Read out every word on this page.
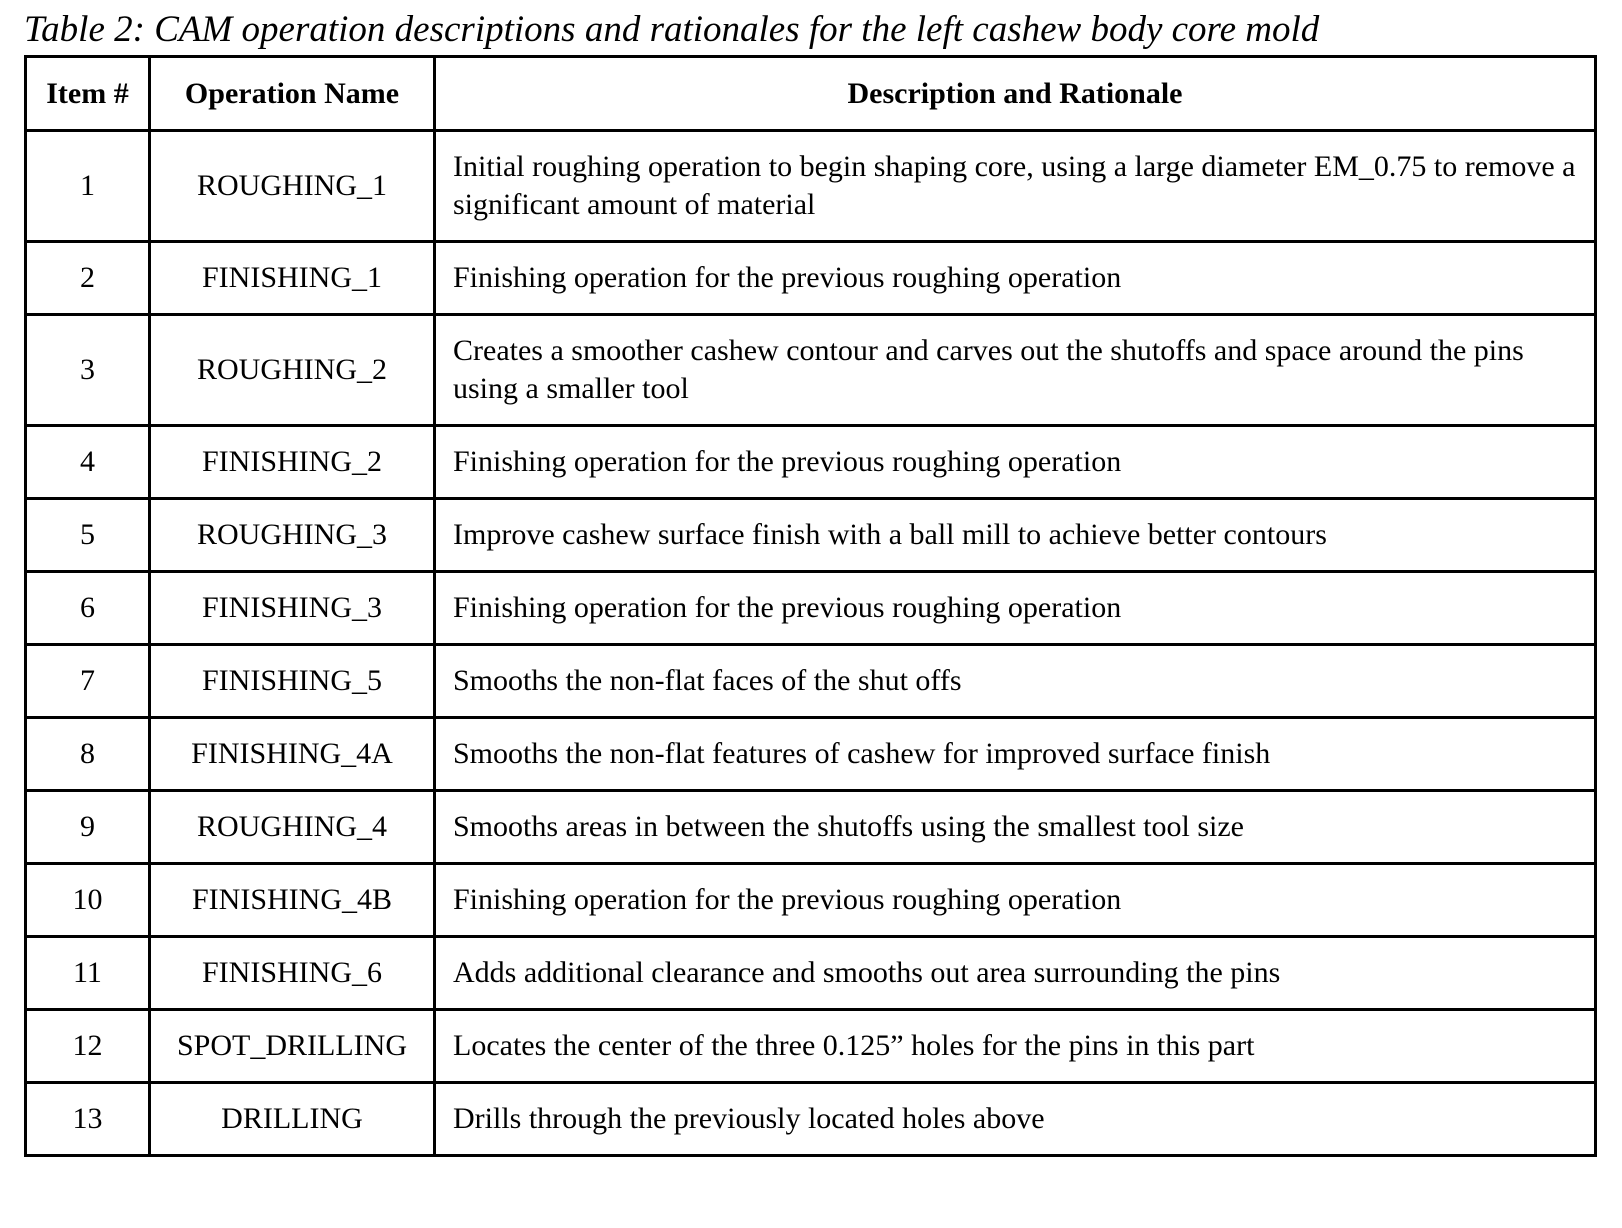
Table 2: CAM operation descriptions and rationales for the left cashew body core mold
Item #	Operation Name	Description and Rationale
1	ROUGHING_1	Initial roughing operation to begin shaping core, using a large diameter EM_0.75 to remove a significant amount of material
2	FINISHING_1	Finishing operation for the previous roughing operation
3	ROUGHING_2	Creates a smoother cashew contour and carves out the shutoffs and space around the pins using a smaller tool
4	FINISHING_2	Finishing operation for the previous roughing operation
5	ROUGHING_3	Improve cashew surface finish with a ball mill to achieve better contours
6	FINISHING_3	Finishing operation for the previous roughing operation
7	FINISHING_5	Smooths the non-flat faces of the shut offs
8	FINISHING_4A	Smooths the non-flat features of cashew for improved surface finish
9	ROUGHING_4	Smooths areas in between the shutoffs using the smallest tool size
10	FINISHING_4B	Finishing operation for the previous roughing operation
11	FINISHING_6	Adds additional clearance and smooths out area surrounding the pins
12	SPOT_DRILLING	Locates the center of the three 0.125” holes for the pins in this part
13	DRILLING	Drills through the previously located holes above
